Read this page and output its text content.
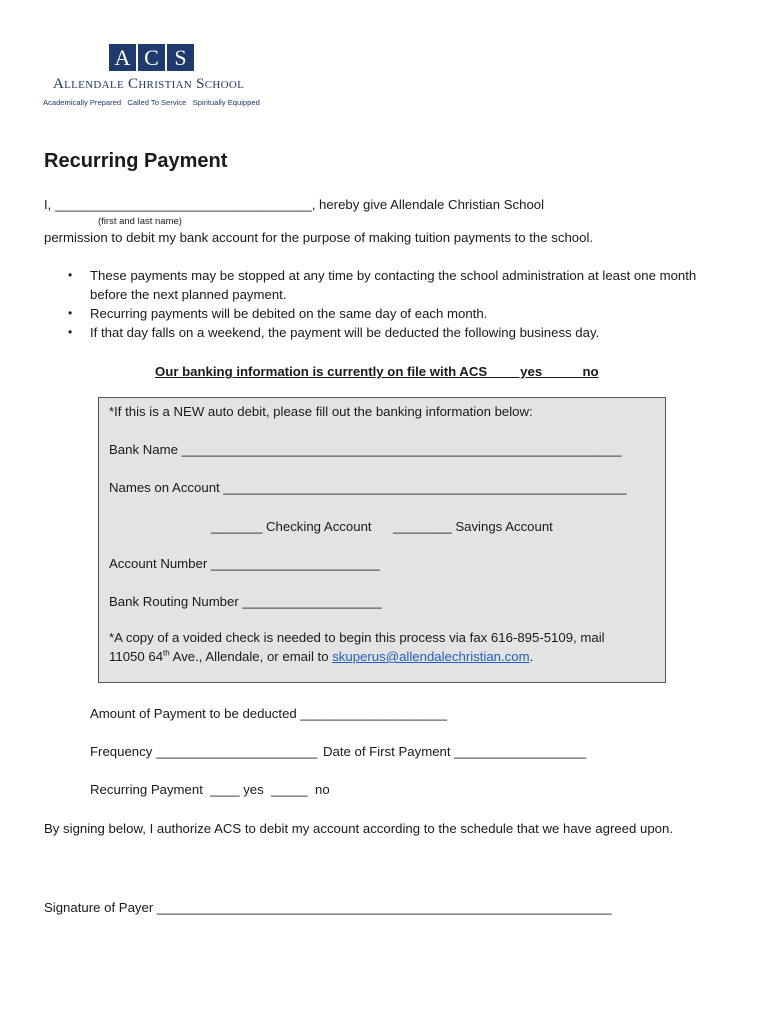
A C S
Allendale Christian School
Academically Prepared   Called To Service   Spiritually Equipped
Recurring Payment
I, ___________________________________, hereby give Allendale Christian School
(first and last name)
permission to debit my bank account for the purpose of making tuition payments to the school.
• These payments may be stopped at any time by contacting the school administration at least one month before the next planned payment.
• Recurring payments will be debited on the same day of each month.
• If that day falls on a weekend, the payment will be deducted the following business day.
Our banking information is currently on file with ACS ___  yes  ____ no
*If this is a NEW auto debit, please fill out the banking information below:
Bank Name ____________________________________________________________
Names on Account _______________________________________________________
_______ Checking Account ________ Savings Account
Account Number _______________________
Bank Routing Number ___________________
*A copy of a voided check is needed to begin this process via fax 616-895-5109, mail
11050 64th Ave., Allendale, or email to skuperus@allendalechristian.com.
Amount of Payment to be deducted ____________________
Frequency ______________________ Date of First Payment __________________
Recurring Payment  ____ yes  _____  no
By signing below, I authorize ACS to debit my account according to the schedule that we have agreed upon.
Signature of Payer ______________________________________________________________
